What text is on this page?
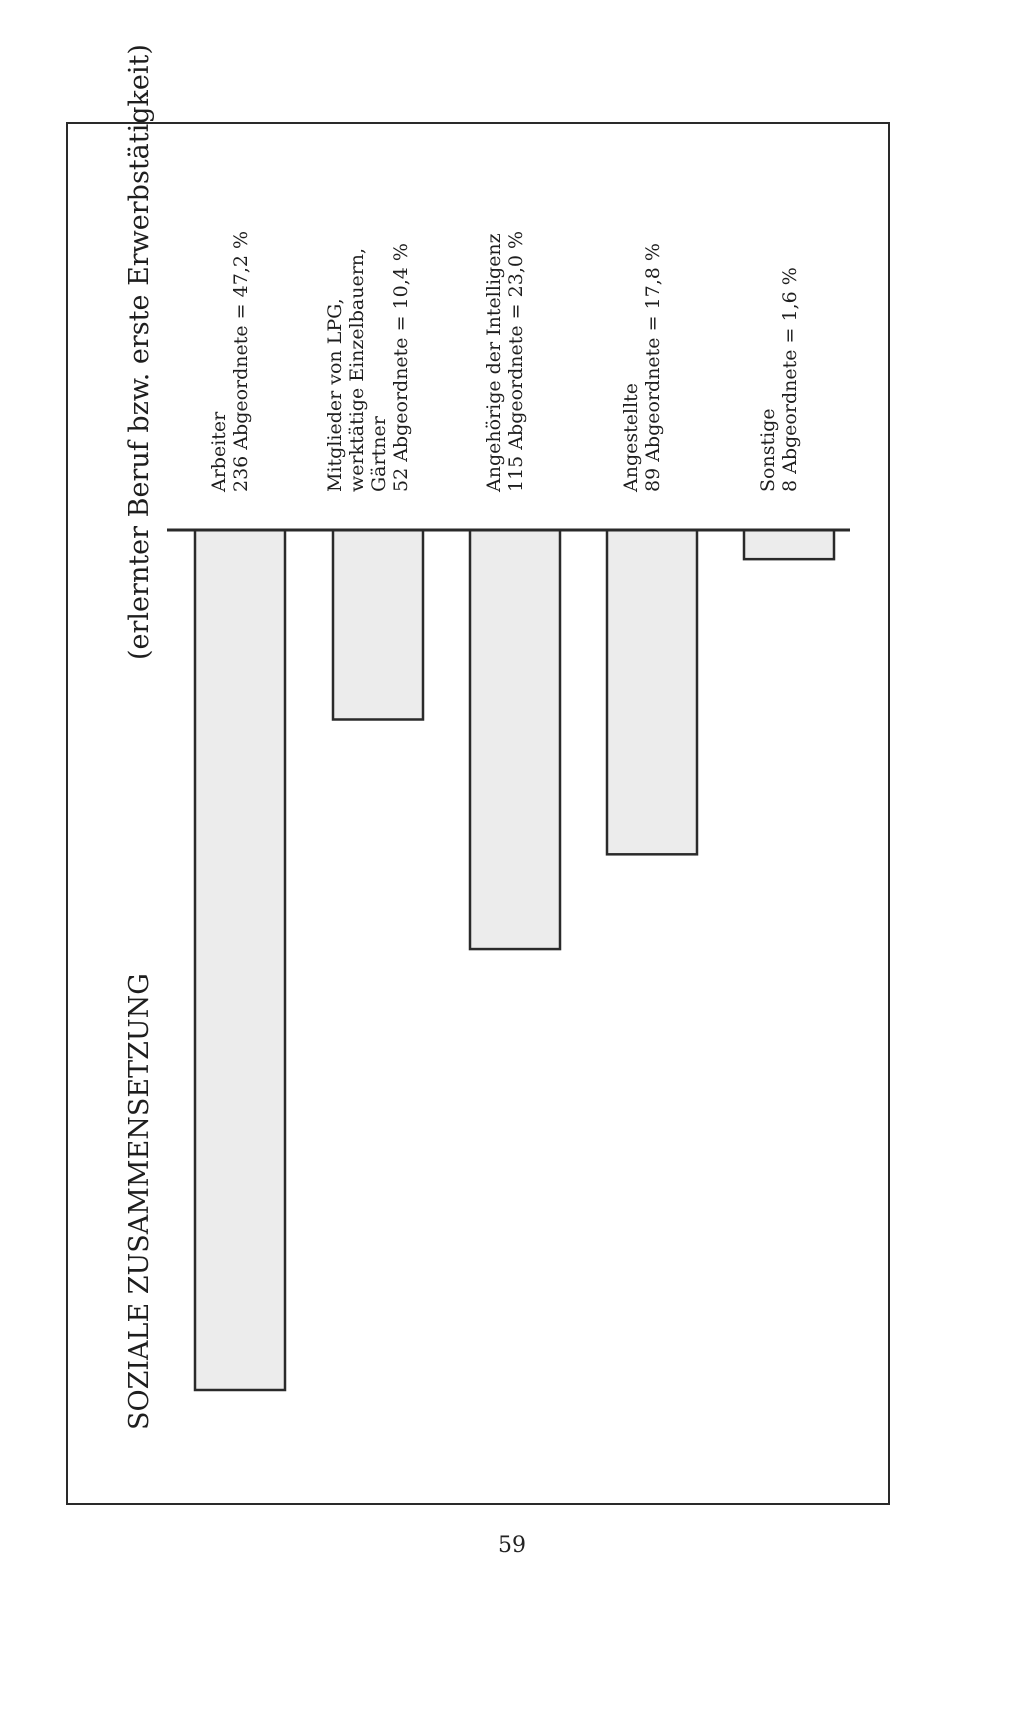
SOZIALE ZUSAMMENSETZUNG
(erlernter Beruf bzw. erste Erwerbstätigkeit)	Arbeiter 236 Abgeordnete = 47,2 %	Mitglieder von LPG, werktätige Einzelbauern, Gärtner 52 Abgeordnete = 10,4 %	Angehörige der Intelligenz 115 Abgeordnete = 23,0 %	Angestellte 89 Abgeordnete = 17,8 %	Sonstige 8 Abgeordnete = 1,6 %
59
